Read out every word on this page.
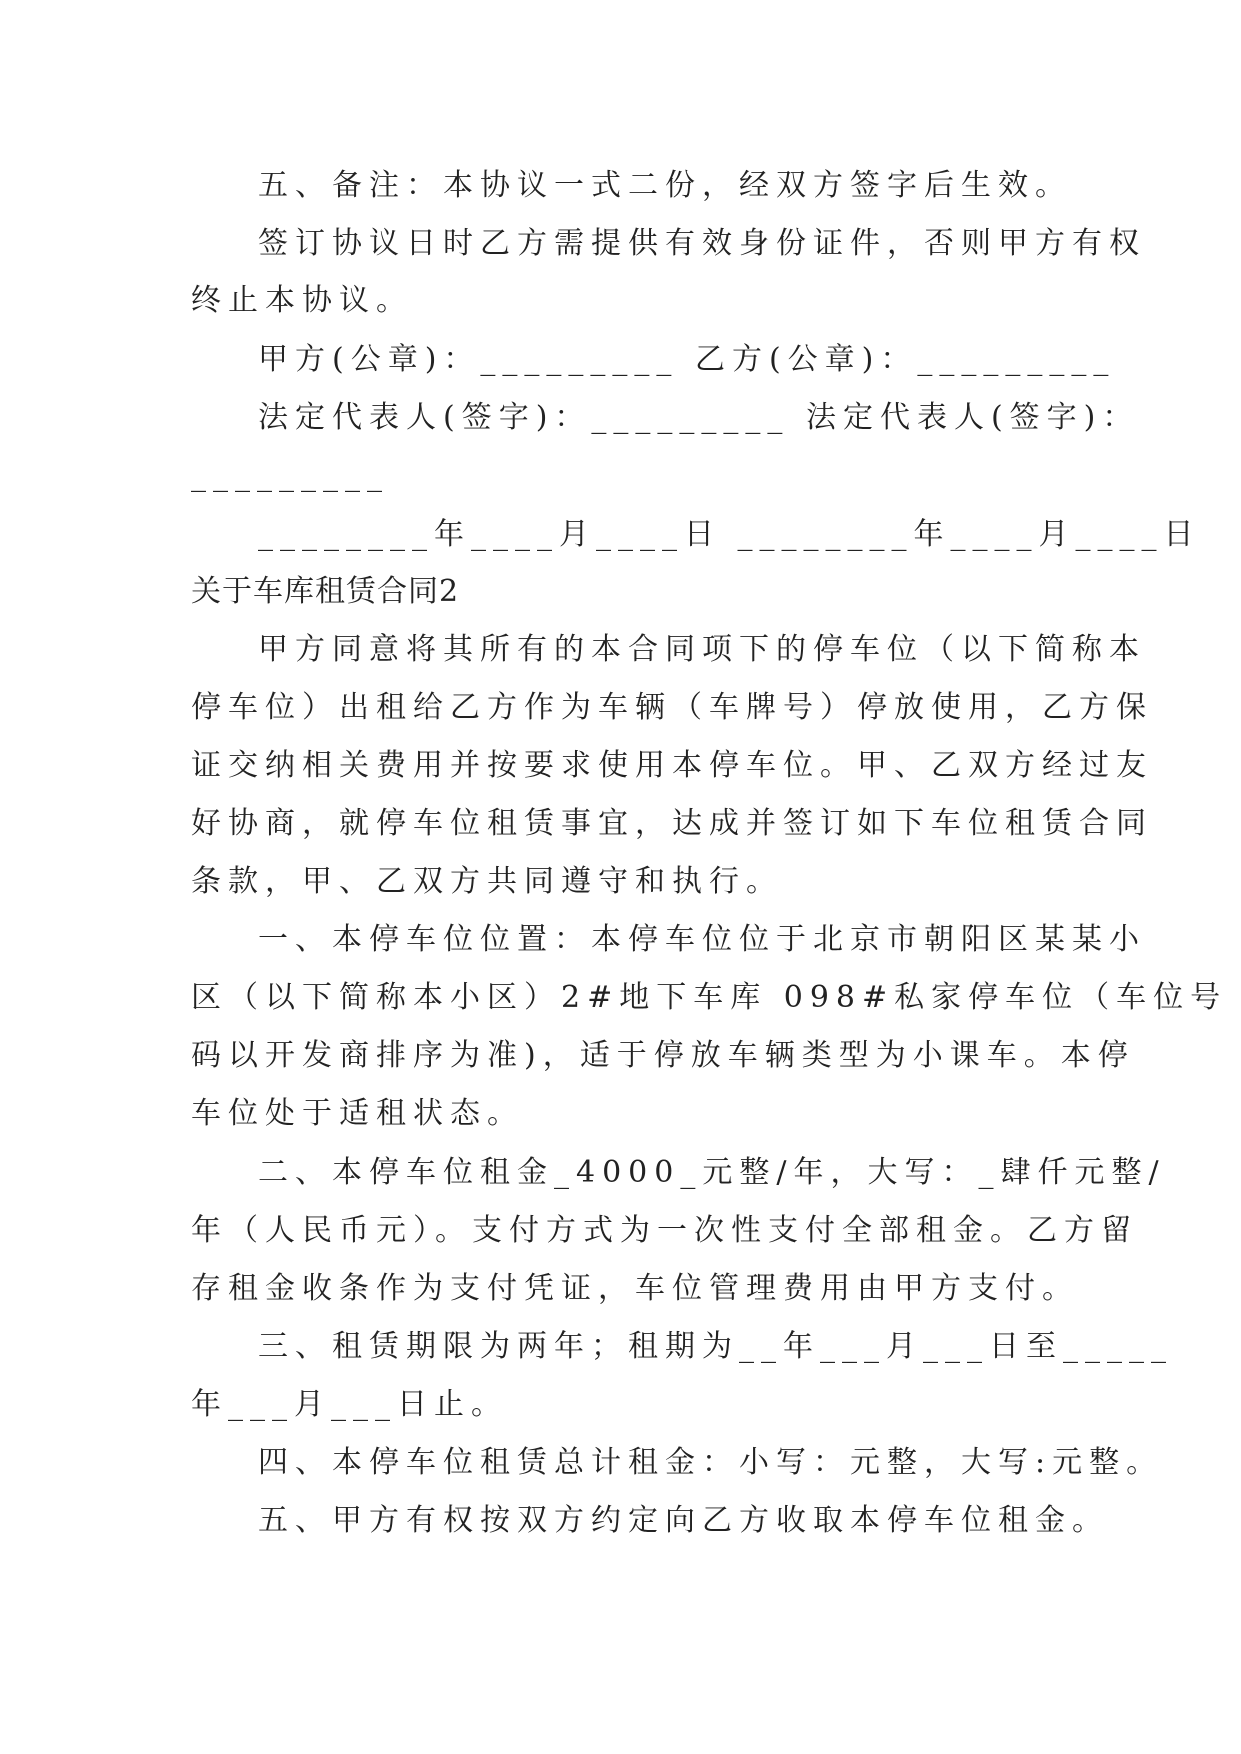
五、备注：本协议一式二份，经双方签字后生效。
签订协议日时乙方需提供有效身份证件，否则甲方有权
终止本协议。
甲方(公章)：_________ 乙方(公章)：_________
法定代表人(签字)：_________ 法定代表人(签字)：
_________
________年____月____日 ________年____月____日
关于车库租赁合同2
甲方同意将其所有的本合同项下的停车位（以下简称本
停车位）出租给乙方作为车辆（车牌号）停放使用，乙方保
证交纳相关费用并按要求使用本停车位。甲、乙双方经过友
好协商，就停车位租赁事宜，达成并签订如下车位租赁合同
条款，甲、乙双方共同遵守和执行。
一、本停车位位置：本停车位位于北京市朝阳区某某小
区（以下简称本小区）2#地下车库 098#私家停车位（车位号
码以开发商排序为准)，适于停放车辆类型为小课车。本停
车位处于适租状态。
二、本停车位租金_4000_元整/年，大写：_肆仟元整/
年（人民币元）。支付方式为一次性支付全部租金。乙方留
存租金收条作为支付凭证，车位管理费用由甲方支付。
三、租赁期限为两年；租期为__年___月___日至_____
年___月___日止。
四、本停车位租赁总计租金：小写：元整，大写:元整。
五、甲方有权按双方约定向乙方收取本停车位租金。
